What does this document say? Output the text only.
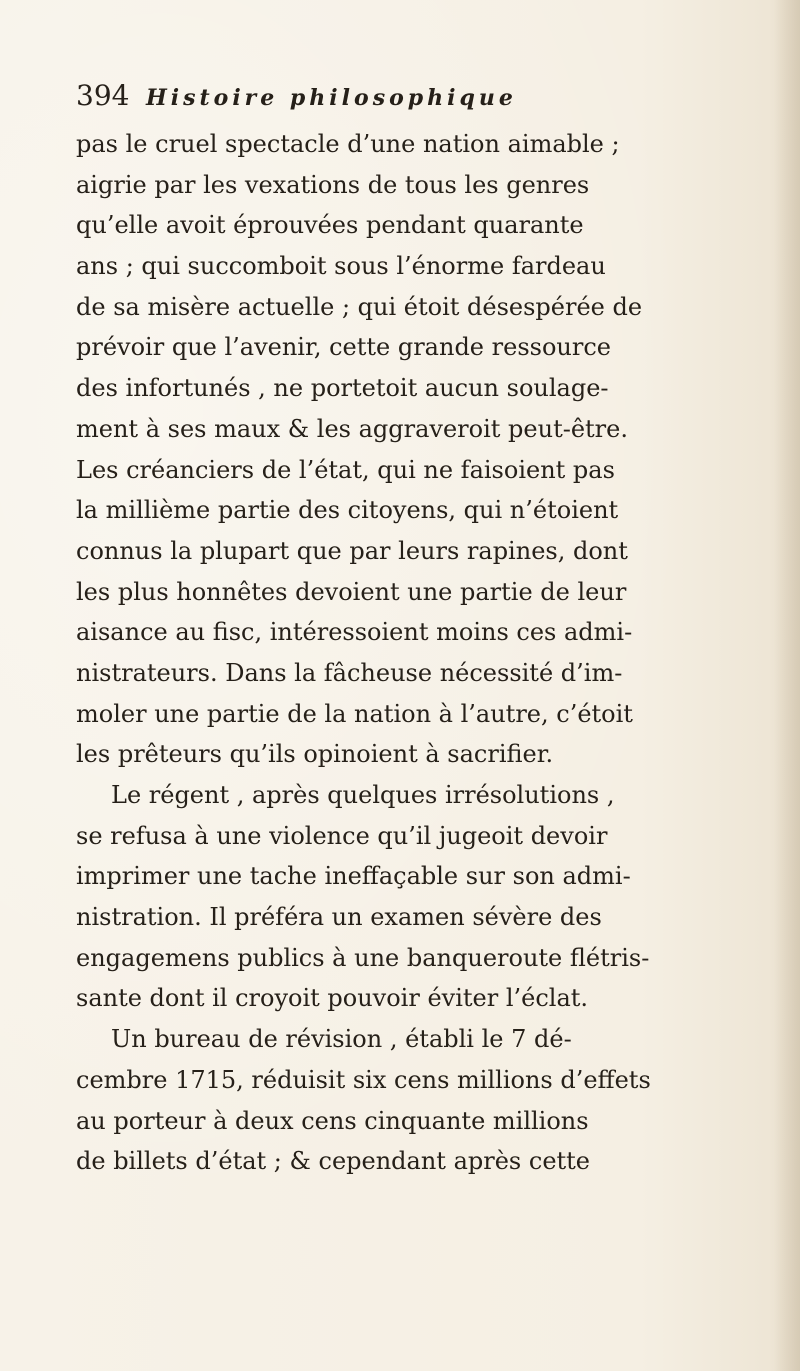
394 Histoire philosophique
pas le cruel spectacle d’une nation aimable ;
aigrie par les vexations de tous les genres
qu’elle avoit éprouvées pendant quarante
ans ; qui succomboit sous l’énorme fardeau
de sa misère actuelle ; qui étoit désespérée de
prévoir que l’avenir, cette grande ressource
des infortunés , ne portetoit aucun soulage-
ment à ses maux & les aggraveroit peut-être.
Les créanciers de l’état, qui ne faisoient pas
la millième partie des citoyens, qui n’étoient
connus la plupart que par leurs rapines, dont
les plus honnêtes devoient une partie de leur
aisance au fisc, intéressoient moins ces admi-
nistrateurs. Dans la fâcheuse nécessité d’im-
moler une partie de la nation à l’autre, c’étoit
les prêteurs qu’ils opinoient à sacrifier.
Le régent , après quelques irrésolutions ,
se refusa à une violence qu’il jugeoit devoir
imprimer une tache ineffaçable sur son admi-
nistration. Il préféra un examen sévère des
engagemens publics à une banqueroute flétris-
sante dont il croyoit pouvoir éviter l’éclat.
Un bureau de révision , établi le 7 dé-
cembre 1715, réduisit six cens millions d’effets
au porteur à deux cens cinquante millions
de billets d’état ; & cependant après cette
